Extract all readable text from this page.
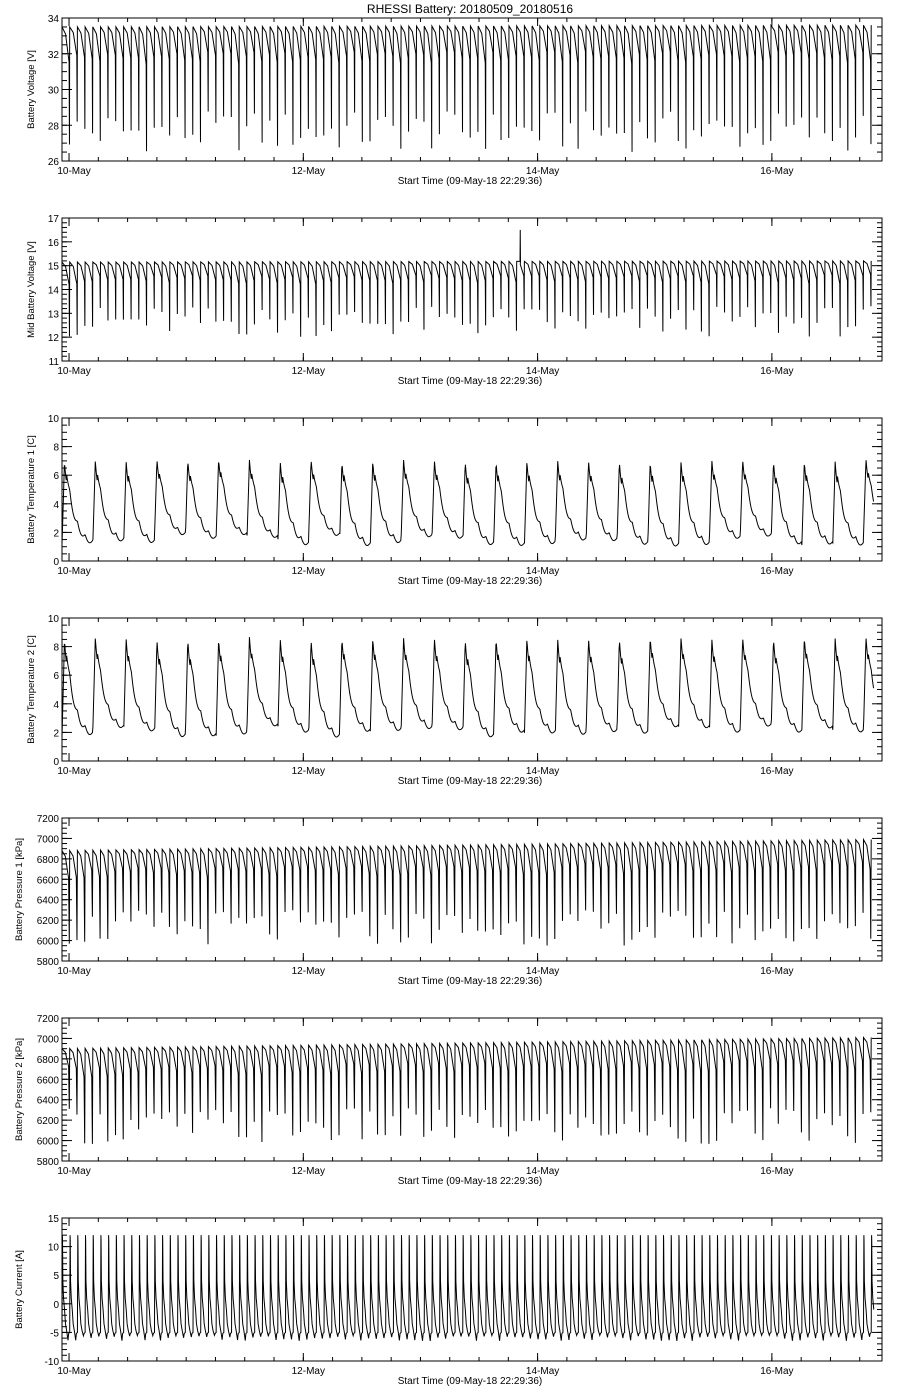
RHESSI Battery: 20180509_20180516
26
28
30
32
34
10-May	12-May	14-May	16-May
Start Time (09-May-18 22:29:36)
Battery Voltage [V]
11
12
13
14
15
16
17
10-May	12-May	14-May	16-May
Start Time (09-May-18 22:29:36)
Mid Battery Voltage [V]
0
2
4
6
8
10
10-May	12-May	14-May	16-May
Start Time (09-May-18 22:29:36)
Battery Temperature 1 [C]
0
2
4
6
8
10
10-May	12-May	14-May	16-May
Start Time (09-May-18 22:29:36)
Battery Temperature 2 [C]
5800
6000
6200
6400
6600
6800
7000
7200
10-May	12-May	14-May	16-May
Start Time (09-May-18 22:29:36)
Battery Pressure 1 [kPa]
5800
6000
6200
6400
6600
6800
7000
7200
10-May	12-May	14-May	16-May
Start Time (09-May-18 22:29:36)
Battery Pressure 2 [kPa]
-10
-5
0
5
10
15
10-May	12-May	14-May	16-May
Start Time (09-May-18 22:29:36)
Battery Current [A]
